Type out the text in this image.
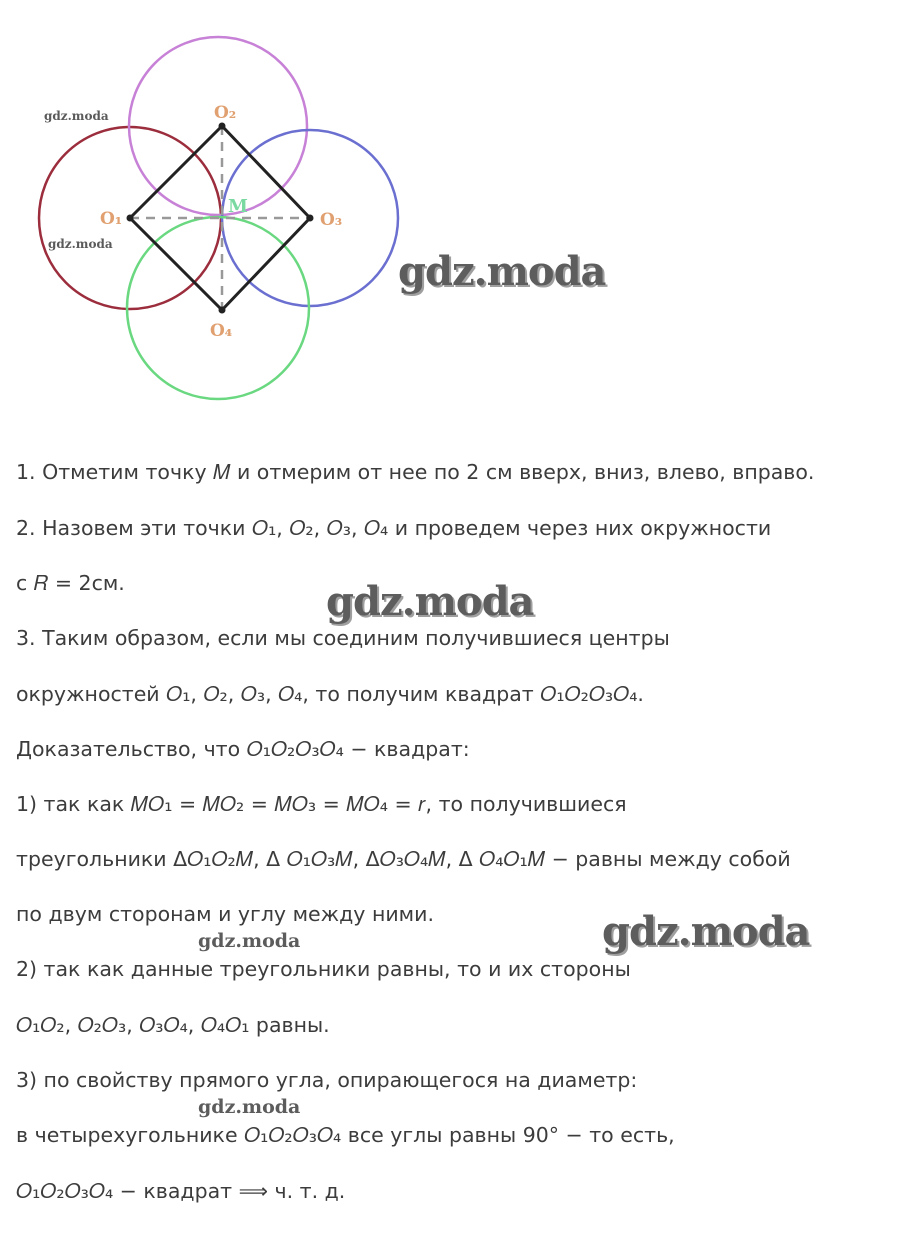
O₁
O₂
O₃
O₄
M
gdz.moda
gdz.moda
gdz.moda
gdz.moda
gdz.moda
gdz.moda
gdz.moda
1. Отметим точку 𝑀 и отмерим от нее по 2 см вверх, вниз, влево, вправо.
2. Назовем эти точки 𝑂₁, 𝑂₂, 𝑂₃, 𝑂₄ и проведем через них окружности
с 𝑅 = 2см.
3. Таким образом, если мы соединим получившиеся центры
окружностей 𝑂₁, 𝑂₂, 𝑂₃, 𝑂₄, то получим квадрат 𝑂₁𝑂₂𝑂₃𝑂₄.
Доказательство, что 𝑂₁𝑂₂𝑂₃𝑂₄ − квадрат:
1) так как 𝑀𝑂₁ = 𝑀𝑂₂ = 𝑀𝑂₃ = 𝑀𝑂₄ = 𝑟, то получившиеся
треугольники Δ𝑂₁𝑂₂𝑀, Δ 𝑂₁𝑂₃𝑀, Δ𝑂₃𝑂₄𝑀, Δ 𝑂₄𝑂₁𝑀 − равны между собой
по двум сторонам и углу между ними.
2) так как данные треугольники равны, то и их стороны
𝑂₁𝑂₂, 𝑂₂𝑂₃, 𝑂₃𝑂₄, 𝑂₄𝑂₁ равны.
3) по свойству прямого угла, опирающегося на диаметр:
в четырехугольнике 𝑂₁𝑂₂𝑂₃𝑂₄ все углы равны 90° − то есть,
𝑂₁𝑂₂𝑂₃𝑂₄ − квадрат ⟹ ч. т. д.
